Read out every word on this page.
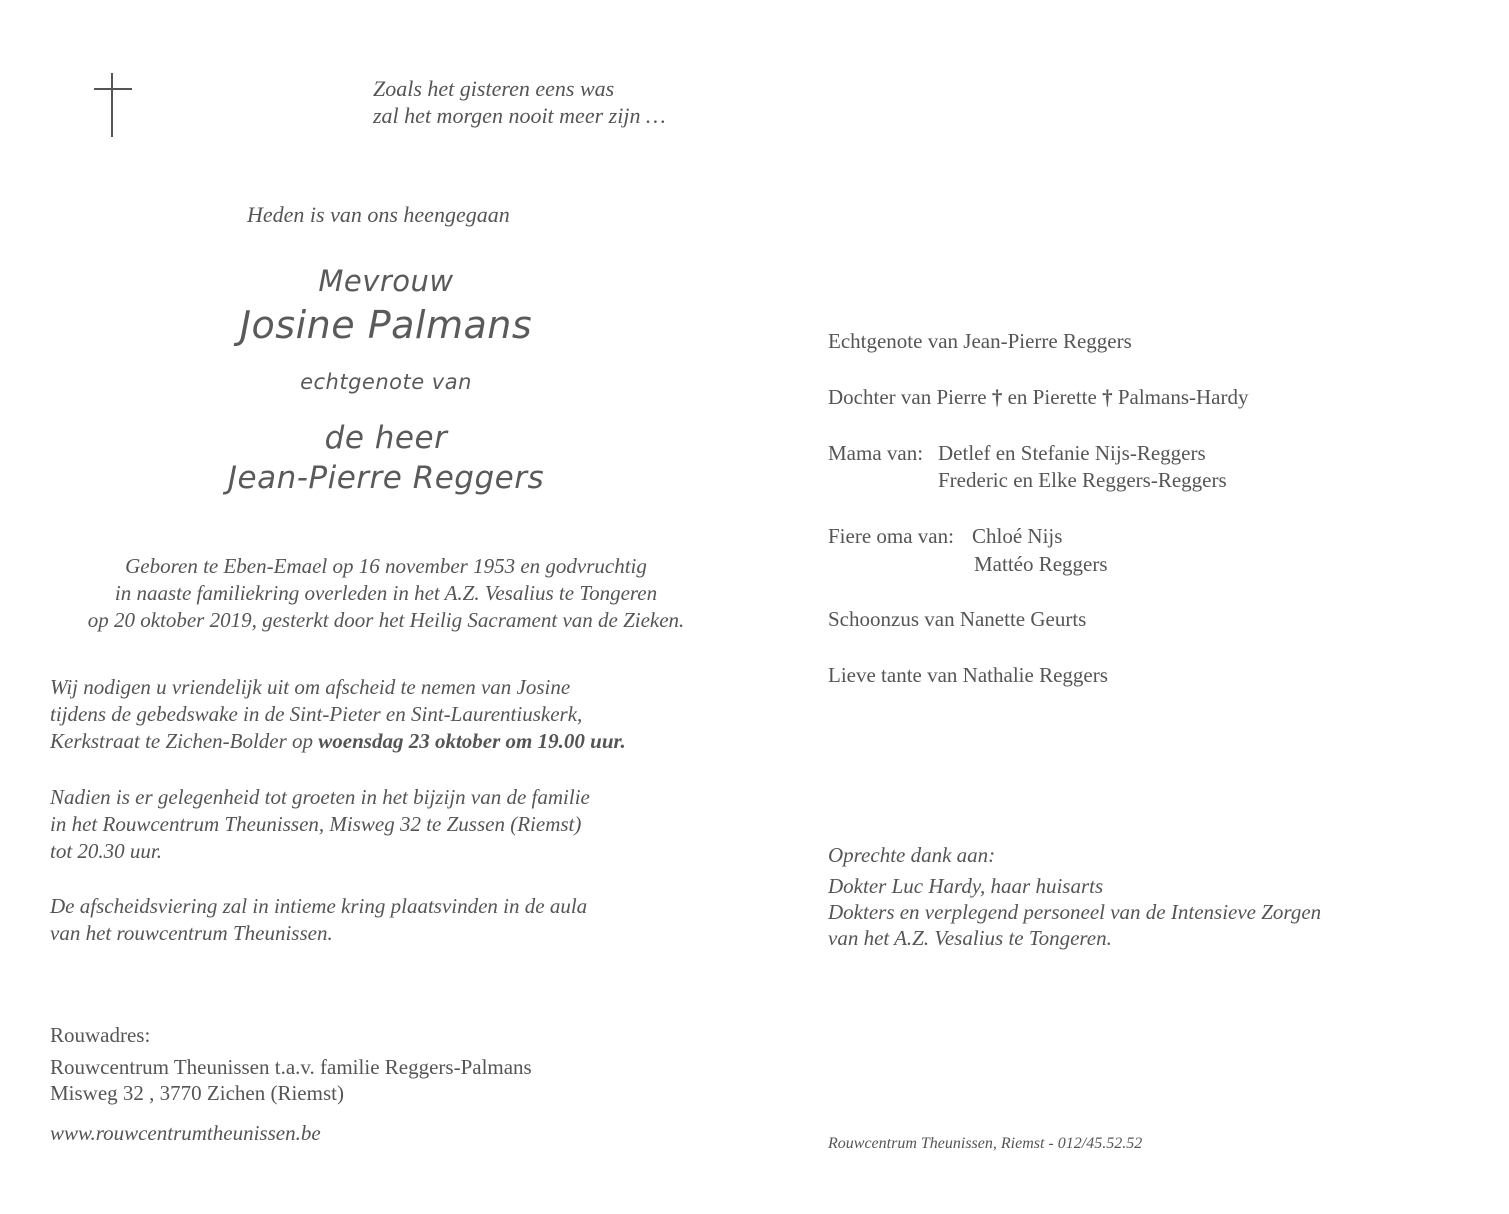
Zoals het gisteren eens was
zal het morgen nooit meer zijn …
Heden is van ons heengegaan
Mevrouw
Josine Palmans
echtgenote van
de heer
Jean-Pierre Reggers
Geboren te Eben-Emael op 16 november 1953 en godvruchtig
in naaste familiekring overleden in het A.Z. Vesalius te Tongeren
op 20 oktober 2019, gesterkt door het Heilig Sacrament van de Zieken.
Wij nodigen u vriendelijk uit om afscheid te nemen van Josine
tijdens de gebedswake in de Sint-Pieter en Sint-Laurentiuskerk,
Kerkstraat te Zichen-Bolder op woensdag 23 oktober om 19.00 uur.
Nadien is er gelegenheid tot groeten in het bijzijn van de familie
in het Rouwcentrum Theunissen, Misweg 32 te Zussen (Riemst)
tot 20.30 uur.
De afscheidsviering zal in intieme kring plaatsvinden in de aula
van het rouwcentrum Theunissen.
Rouwadres:
Rouwcentrum Theunissen t.a.v. familie Reggers-Palmans
Misweg 32 , 3770 Zichen (Riemst)
www.rouwcentrumtheunissen.be
Echtgenote van Jean-Pierre Reggers
Dochter van Pierre † en Pierette † Palmans-Hardy
Mama van: Detlef en Stefanie Nijs-Reggers
Frederic en Elke Reggers-Reggers
Fiere oma van: Chloé Nijs
Mattéo Reggers
Schoonzus van Nanette Geurts
Lieve tante van Nathalie Reggers
Oprechte dank aan:
Dokter Luc Hardy, haar huisarts
Dokters en verplegend personeel van de Intensieve Zorgen
van het A.Z. Vesalius te Tongeren.
Rouwcentrum Theunissen, Riemst - 012/45.52.52
